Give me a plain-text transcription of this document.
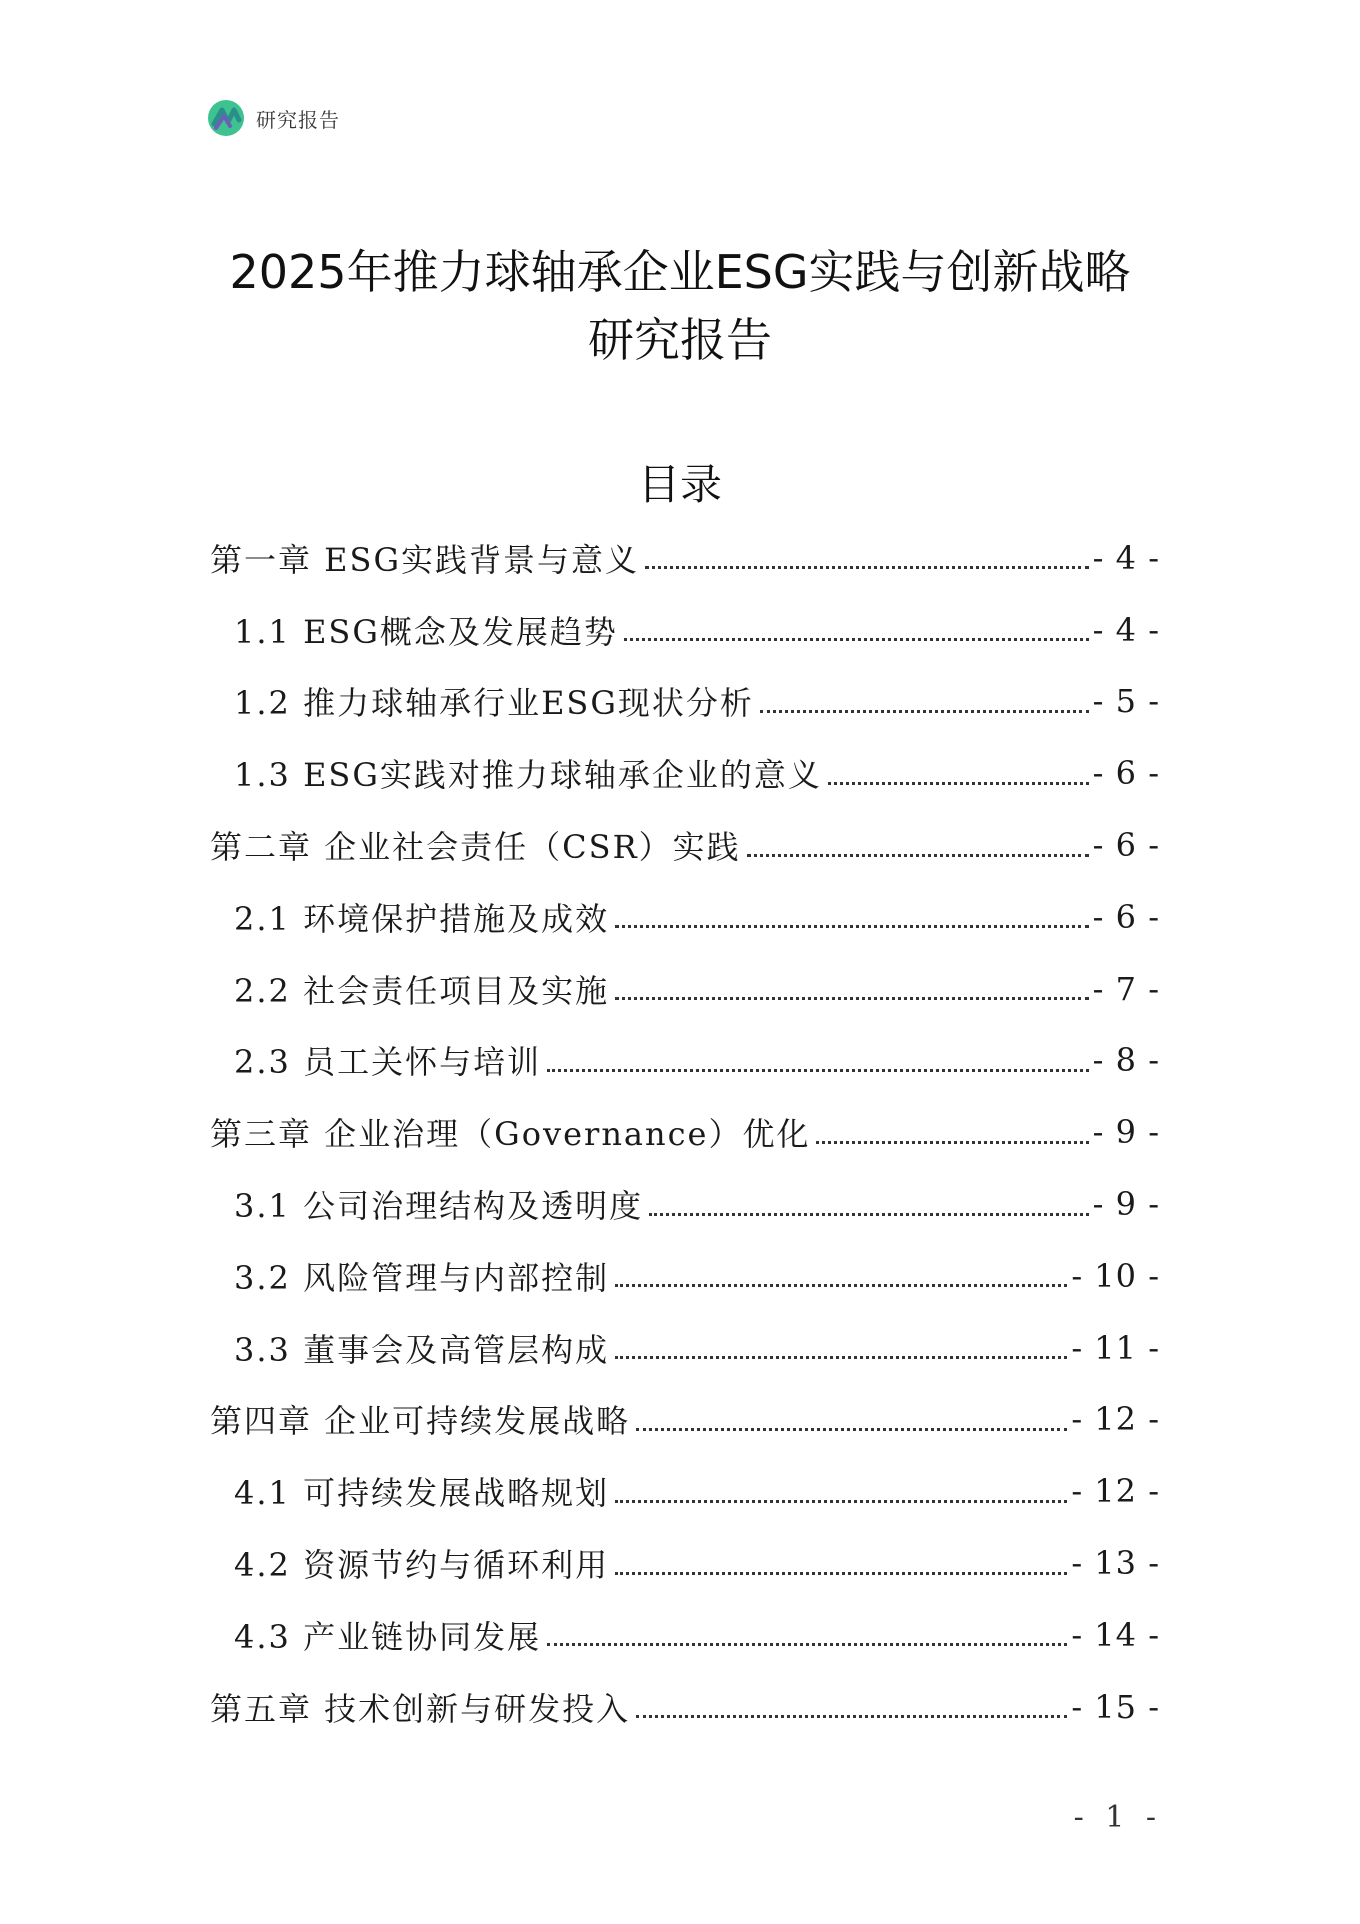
研究报告
2025年推力球轴承企业ESG实践与创新战略
研究报告
目录
第一章 ESG实践背景与意义	- 4 -
1.1 ESG概念及发展趋势	- 4 -
1.2 推力球轴承行业ESG现状分析	- 5 -
1.3 ESG实践对推力球轴承企业的意义	- 6 -
第二章 企业社会责任（CSR）实践	- 6 -
2.1 环境保护措施及成效	- 6 -
2.2 社会责任项目及实施	- 7 -
2.3 员工关怀与培训	- 8 -
第三章 企业治理（Governance）优化	- 9 -
3.1 公司治理结构及透明度	- 9 -
3.2 风险管理与内部控制	- 10 -
3.3 董事会及高管层构成	- 11 -
第四章 企业可持续发展战略	- 12 -
4.1 可持续发展战略规划	- 12 -
4.2 资源节约与循环利用	- 13 -
4.3 产业链协同发展	- 14 -
第五章 技术创新与研发投入	- 15 -
- 1 -
